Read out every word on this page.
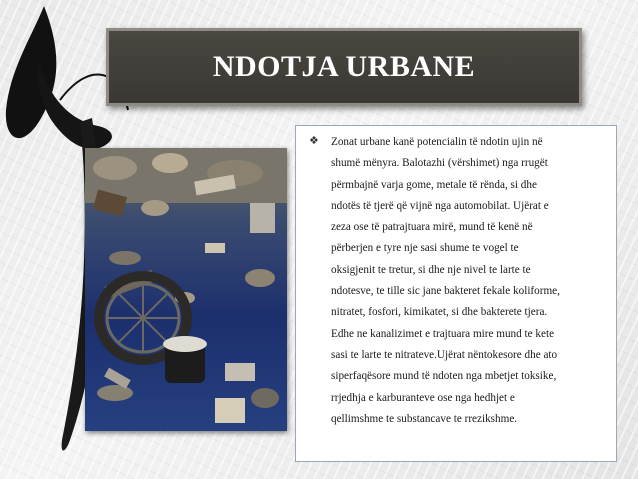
NDOTJA URBANE
❖ Zonat urbane kanë potencialin të ndotin ujin në
shumë mënyra. Balotazhi (vërshimet) nga rrugët
përmbajnë varja gome, metale të rënda, si dhe
ndotës të tjerë që vijnë nga automobilat. Ujërat e
zeza ose të patrajtuara mirë, mund të kenë në
përberjen e tyre nje sasi shume te vogel te
oksigjenit te tretur, si dhe nje nivel te larte te
ndotesve, te tille sic jane bakteret fekale koliforme,
nitratet, fosfori, kimikatet, si dhe bakterete tjera.
Edhe ne kanalizimet e trajtuara mire mund te kete
sasi te larte te nitrateve.Ujërat nëntokesore dhe ato
siperfaqësore mund të ndoten nga mbetjet toksike,
rrjedhja e karburanteve ose nga hedhjet e
qellimshme te substancave te rrezikshme.
